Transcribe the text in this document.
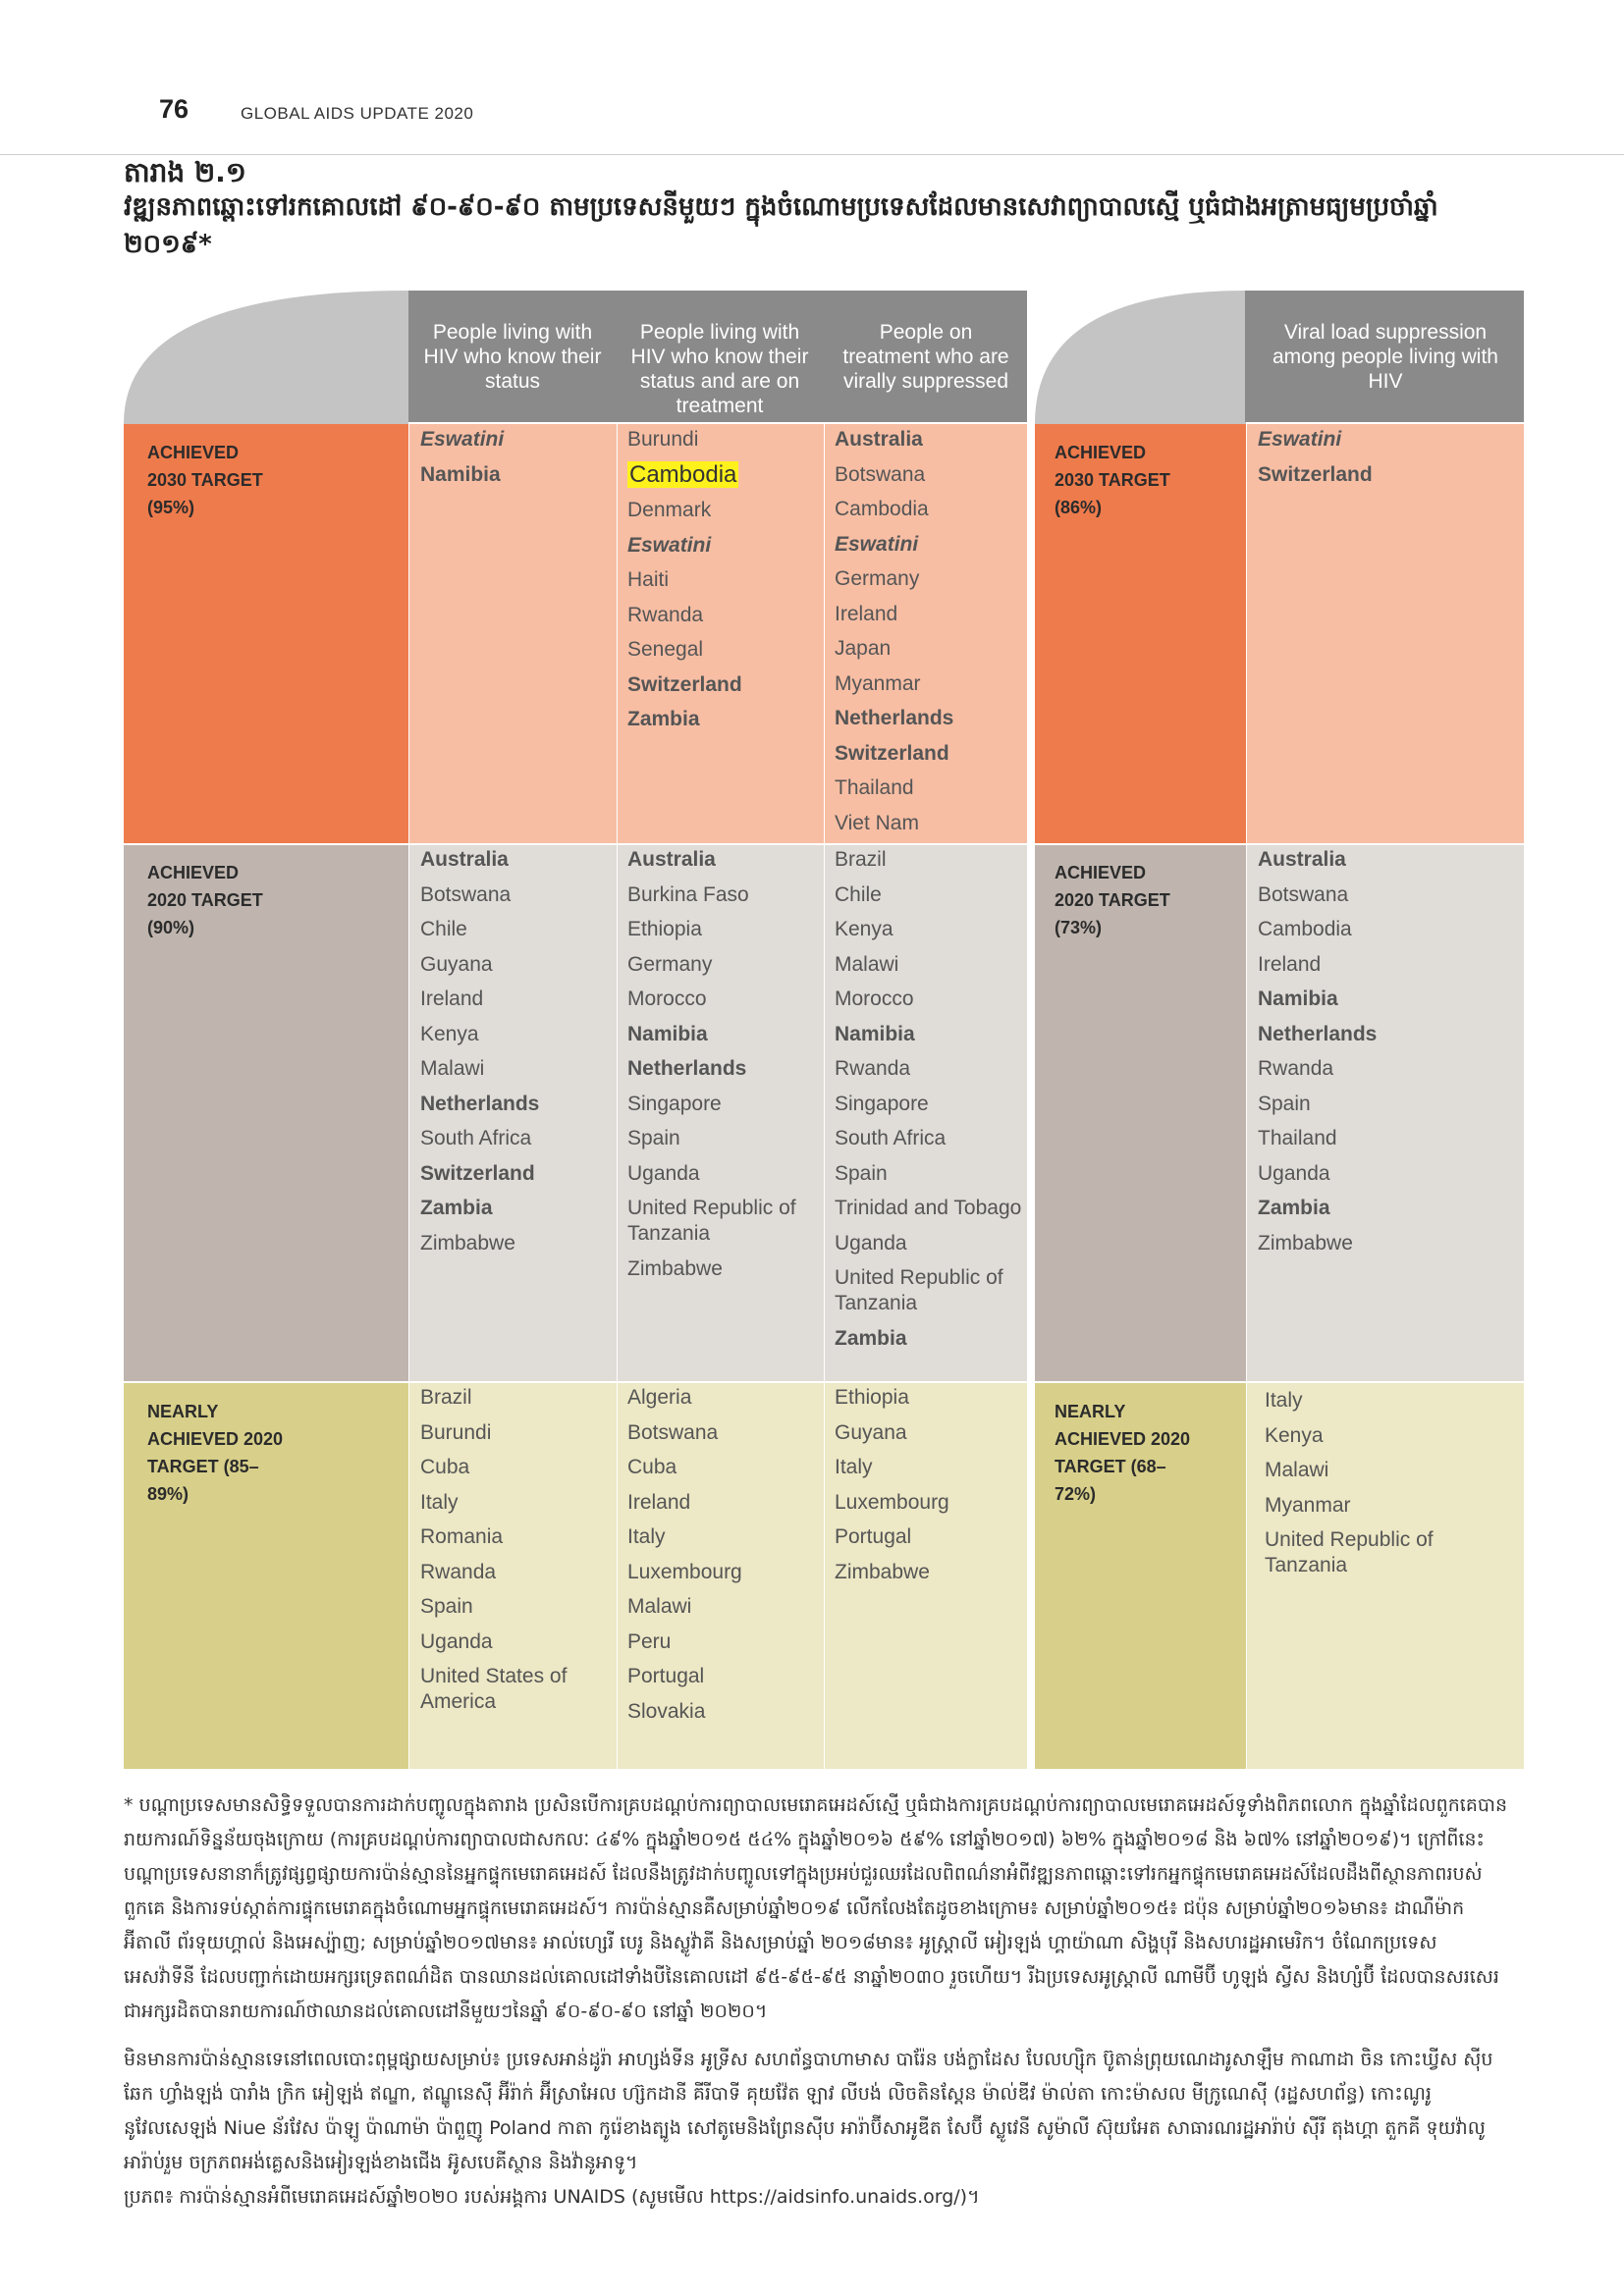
76	GLOBAL AIDS UPDATE 2020
តារាង ២.១
វឌ្ឍនភាពឆ្ពោះទៅរកគោលដៅ ៩០-៩០-៩០ តាមប្រទេសនីមួយៗ ក្នុងចំណោមប្រទេសដែលមានសេវាព្យាបាលស្មើ ឬធំជាងអត្រាមធ្យមប្រចាំឆ្នាំ ២០១៩*
People living with HIV who know their status
People living with HIV who know their status and are on treatment
People on treatment who are virally suppressed
Viral load suppression among people living with HIV
ACHIEVED
2030 TARGET
(95%)
ACHIEVED
2020 TARGET
(90%)
NEARLY
ACHIEVED 2020
TARGET (85–
89%)
ACHIEVED
2030 TARGET
(86%)
ACHIEVED
2020 TARGET
(73%)
NEARLY
ACHIEVED 2020
TARGET (68–
72%)
Eswatini
Namibia
Burundi
Cambodia
Denmark
Eswatini
Haiti
Rwanda
Senegal
Switzerland
Zambia
Australia
Botswana
Cambodia
Eswatini
Germany
Ireland
Japan
Myanmar
Netherlands
Switzerland
Thailand
Viet Nam
Eswatini
Switzerland
Australia
Botswana
Chile
Guyana
Ireland
Kenya
Malawi
Netherlands
South Africa
Switzerland
Zambia
Zimbabwe
Australia
Burkina Faso
Ethiopia
Germany
Morocco
Namibia
Netherlands
Singapore
Spain
Uganda
United Republic of Tanzania
Zimbabwe
Brazil
Chile
Kenya
Malawi
Morocco
Namibia
Rwanda
Singapore
South Africa
Spain
Trinidad and Tobago
Uganda
United Republic of Tanzania
Zambia
Australia
Botswana
Cambodia
Ireland
Namibia
Netherlands
Rwanda
Spain
Thailand
Uganda
Zambia
Zimbabwe
Brazil
Burundi
Cuba
Italy
Romania
Rwanda
Spain
Uganda
United States of America
Algeria
Botswana
Cuba
Ireland
Italy
Luxembourg
Malawi
Peru
Portugal
Slovakia
Ethiopia
Guyana
Italy
Luxembourg
Portugal
Zimbabwe
Italy
Kenya
Malawi
Myanmar
United Republic of Tanzania

* បណ្ដាប្រទេសមានសិទ្ធិទទួលបានការដាក់បញ្ចូលក្នុងតារាង ប្រសិនបើការគ្របដណ្ដប់ការព្យាបាលមេរោគអេដស៍ស្មើ ឬធំជាងការគ្របដណ្ដប់ការព្យាបាលមេរោគអេដស៍ទូទាំងពិភពលោក ក្នុងឆ្នាំដែលពួកគេបានរាយការណ៍ទិន្នន័យចុងក្រោយ (ការគ្របដណ្ដប់ការព្យាបាលជាសកលៈ ៤៩% ក្នុងឆ្នាំ២០១៥ ៥៤% ក្នុងឆ្នាំ២០១៦ ៥៩% នៅឆ្នាំ២០១៧) ៦២% ក្នុងឆ្នាំ២០១៨ និង ៦៧% នៅឆ្នាំ២០១៩)។ ក្រៅពីនេះ បណ្ដាប្រទេសនានាក៏ត្រូវផ្សព្វផ្សាយការប៉ាន់ស្មាននៃអ្នកផ្ទុកមេរោគអេដស៍ ដែលនឹងត្រូវដាក់បញ្ចូលទៅក្នុងប្រអប់ជួរឈរដែលពិពណ៌នាអំពីវឌ្ឍនភាពឆ្ពោះទៅរកអ្នកផ្ទុកមេរោគអេដស៍ដែលដឹងពីស្ថានភាពរបស់ពួកគេ និងការទប់ស្កាត់ការផ្ទុកមេរោគក្នុងចំណោមអ្នកផ្ទុកមេរោគអេដស៍។ ការប៉ាន់ស្មានគឺសម្រាប់ឆ្នាំ២០១៩ លើកលែងតែដូចខាងក្រោម៖ សម្រាប់ឆ្នាំ២០១៥៖ ជប៉ុន សម្រាប់ឆ្នាំ២០១៦មាន៖ ដាណឺម៉ាក អ៊ីតាលី ព័រទុយហ្គាល់ និងអេស្ប៉ាញ; សម្រាប់ឆ្នាំ២០១៧មាន៖ អាល់ហ្សេរី បេរូ និងស្លូវ៉ាគី និងសម្រាប់ឆ្នាំ ២០១៨មាន៖ អូស្ត្រាលី អៀរឡង់ ហ្គាយ៉ាណា សិង្ហបុរី និងសហរដ្ឋអាមេរិក។ ចំណែកប្រទេស អេសវ៉ាទីនី ដែលបញ្ជាក់ដោយអក្សរទ្រេតពណ៌ដិត បានឈានដល់គោលដៅទាំងបីនៃគោលដៅ ៩៥-៩៥-៩៥ នាឆ្នាំ២០៣០ រួចហើយ។ រីឯប្រទេសអូស្ត្រាលី ណាមីប៊ី ហូឡង់ ស្វីស និងហ្សំប៊ី ដែលបានសរសេរជាអក្សរដិតបានរាយការណ៍ថាឈានដល់គោលដៅនីមួយៗនៃឆ្នាំ ៩០-៩០-៩០ នៅឆ្នាំ ២០២០។

មិនមានការប៉ាន់ស្មានទេនៅពេលបោះពុម្ពផ្សាយសម្រាប់៖ ប្រទេសអាន់ដូរ៉ា អាហ្សង់ទីន អូទ្រីស សហព័ន្ធបាហាមាស បារ៉ែន បង់ក្លាដែស បែលហ្ស៊ិក ប៊ូតាន់ព្រុយណេដារូសាឡឹម កាណាដា ចិន កោះឃ្វីស ស៊ីប ឆែក ហ្វាំងឡង់ បារាំង ក្រិក អៀឡង់ ឥណ្ឌា, ឥណ្ឌូនេស៊ី អ៊ីរ៉ាក់ អ៊ីស្រាអែល ហ្ស៊កដានី គីរីបាទី គុយវ៉ែត ឡាវ លីបង់ លិចតិនស្តែន ម៉ាល់ឌីវ ម៉ាល់តា កោះម៉ាសល មីក្រូណេស៊ី (រដ្ឋសហព័ន្ធ) កោះណូរូ នូវែលសេឡង់ Niue ន័រវែស ប៉ាឡូ ប៉ាណាម៉ា ប៉ាពួញូ Poland កាតា កូរ៉េខាងត្បូង សៅតូមេនិងព្រែនស៊ីប អារ៉ាប៊ីសាអូឌីត សែប៊ី ស្លូវេនី សូម៉ាលី ស៊ុយអែត សាធារណរដ្ឋអារ៉ាប់ ស៊ីរី តុងហ្គា តួកគី ទុយវ៉ាលូ អារ៉ាប់រួម ចក្រភពអង់គ្លេសនិងអៀរឡង់ខាងជើង អ៊ូសបេគីស្ថាន និងវ៉ានូអាទូ។

ប្រភព៖ ការប៉ាន់ស្មានអំពីមេរោគអេដស៍ឆ្នាំ២០២០ របស់អង្គការ UNAIDS (សូមមើល https://aidsinfo.unaids.org/)។
